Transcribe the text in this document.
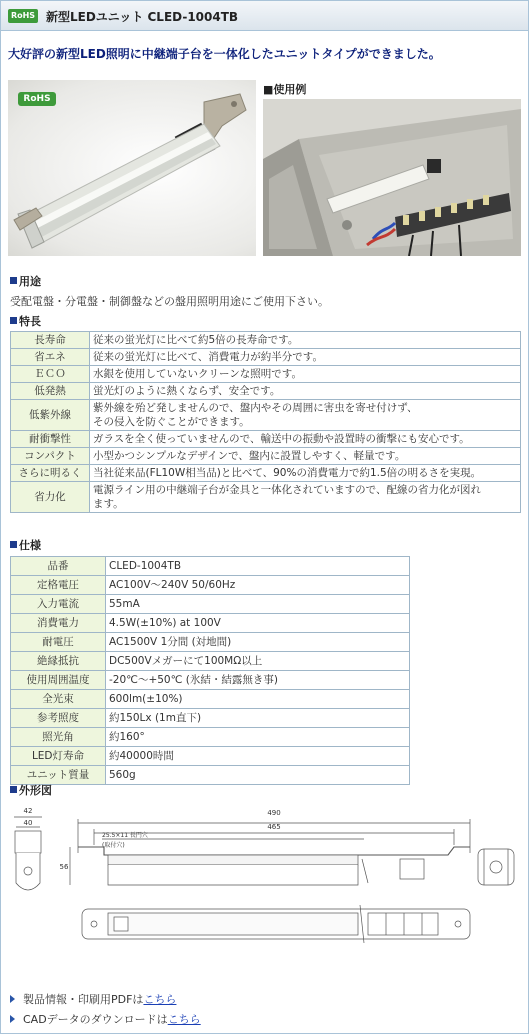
RoHS 新型LEDユニット CLED-1004TB
大好評の新型LED照明に中継端子台を一体化したユニットタイプができました。
RoHS
■使用例
用途
受配電盤・分電盤・制御盤などの盤用照明用途にご使用下さい。
特長
長寿命	従来の蛍光灯に比べて約5倍の長寿命です。
省エネ	従来の蛍光灯に比べて、消費電力が約半分です。
ＥＣＯ	水銀を使用していないクリーンな照明です。
低発熱	蛍光灯のように熱くならず、安全です。
低紫外線	紫外線を殆ど発しませんので、盤内やその周囲に害虫を寄せ付けず、
その侵入を防ぐことができます。
耐衝撃性	ガラスを全く使っていませんので、輸送中の振動や設置時の衝撃にも安心です。
コンパクト	小型かつシンプルなデザインで、盤内に設置しやすく、軽量です。
さらに明るく	当社従来品(FL10W相当品)と比べて、90%の消費電力で約1.5倍の明るさを実現。
省力化	電源ライン用の中継端子台が金具と一体化されていますので、配線の省力化が図れ
ます。
仕様
品番	CLED-1004TB
定格電圧	AC100V～240V 50/60Hz
入力電流	55mA
消費電力	4.5W(±10%) at 100V
耐電圧	AC1500V 1分間 (対地間)
絶縁抵抗	DC500Vメガーにて100MΩ以上
使用周囲温度	-20℃～+50℃ (氷結・結露無き事)
全光束	600lm(±10%)
参考照度	約150Lx (1m直下)
照光角	約160°
LED灯寿命	約40000時間
ユニット質量	560g
外形図
42
40
490
465
56
25.5×11 長円穴
(取付穴)
製品情報・印刷用PDFはこちら
CADデータのダウンロードはこちら
